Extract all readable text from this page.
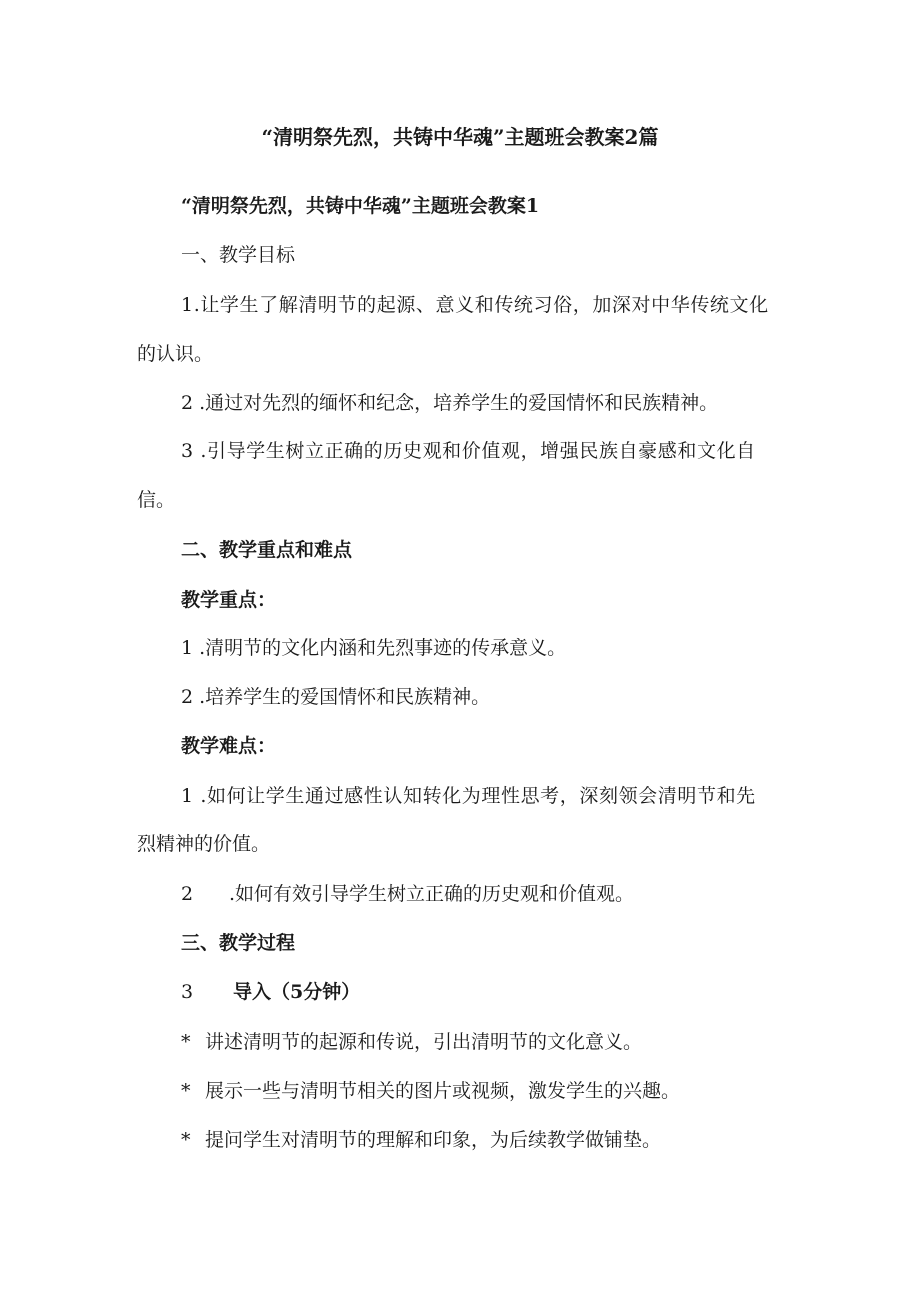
“清明祭先烈，共铸中华魂”主题班会教案2篇
“清明祭先烈，共铸中华魂”主题班会教案1
一、教学目标
1.让学生了解清明节的起源、意义和传统习俗，加深对中华传统文化
的认识。
2 .通过对先烈的缅怀和纪念，培养学生的爱国情怀和民族精神。
3 .引导学生树立正确的历史观和价值观，增强民族自豪感和文化自
信。
二、教学重点和难点
教学重点：
1 .清明节的文化内涵和先烈事迹的传承意义。
2 .培养学生的爱国情怀和民族精神。
教学难点：
1 .如何让学生通过感性认知转化为理性思考，深刻领会清明节和先
烈精神的价值。
2 .如何有效引导学生树立正确的历史观和价值观。
三、教学过程
3 导入（5分钟）
* 讲述清明节的起源和传说，引出清明节的文化意义。
* 展示一些与清明节相关的图片或视频，激发学生的兴趣。
* 提问学生对清明节的理解和印象，为后续教学做铺垫。
